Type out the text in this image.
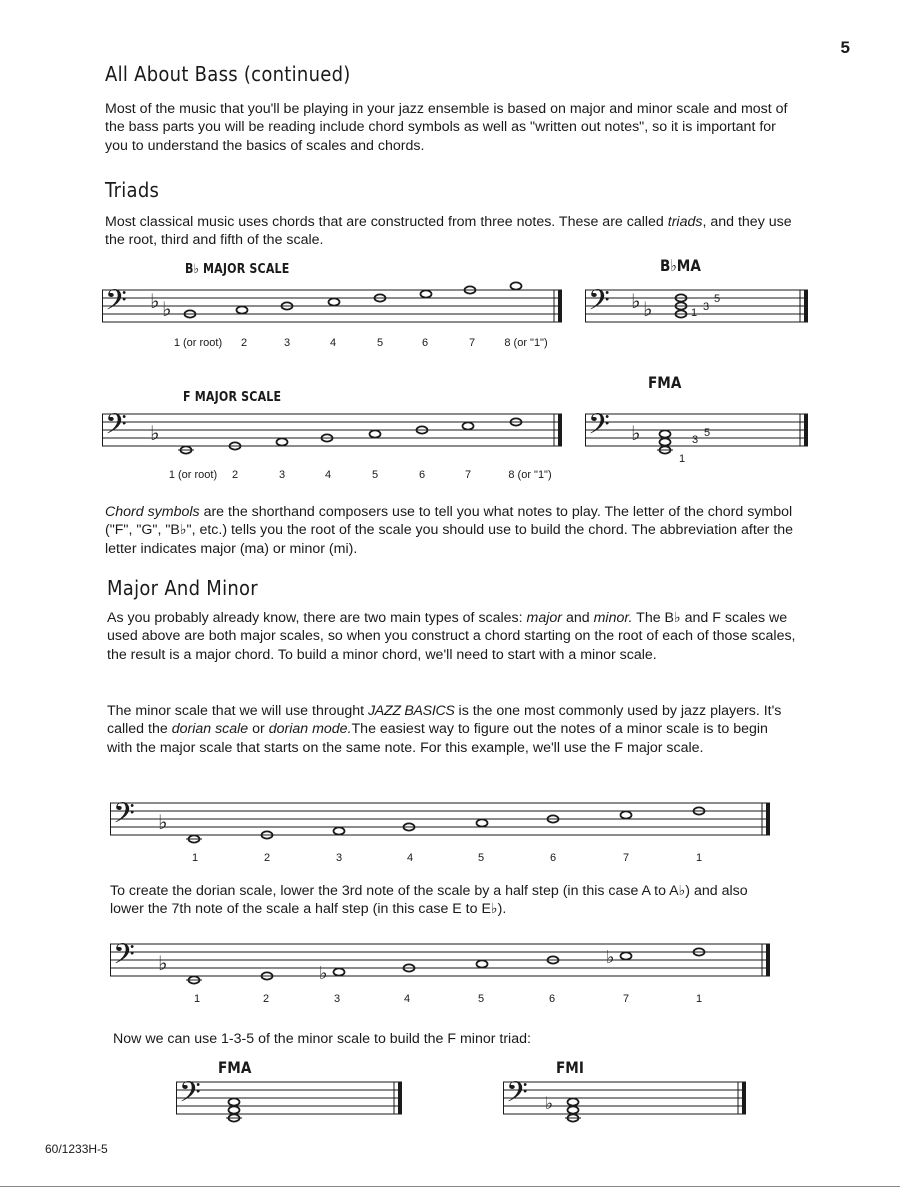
5
All About Bass (continued)
Most of the music that you'll be playing in your jazz ensemble is based on major and minor scale and most of the bass parts you will be reading include chord symbols as well as "written out notes", so it is important for you to understand the basics of scales and chords.
Triads
Most classical music uses chords that are constructed from three notes. These are called triads, and they use the root, third and fifth of the scale.
B♭ MAJOR SCALE	B♭MA
𝄢 ♭ ♭
1 (or root)	2	3	4	5	6	7	8 (or "1")
𝄢 ♭ ♭	1 3
5
F MAJOR SCALE
FMA
𝄢 ♭
1 (or root)	2	3	4	5	6	7	8 (or "1")
𝄢 ♭
1
3
5
Chord symbols are the shorthand composers use to tell you what notes to play. The letter of the chord symbol ("F", "G", "B♭", etc.) tells you the root of the scale you should use to build the chord. The abbreviation after the letter indicates major (ma) or minor (mi).
Major And Minor
As you probably already know, there are two main types of scales: major and minor. The B♭ and F scales we used above are both major scales, so when you construct a chord starting on the root of each of those scales, the result is a major chord. To build a minor chord, we'll need to start with a minor scale.
The minor scale that we will use throught JAZZ BASICS is the one most commonly used by jazz players. It's called the dorian scale or dorian mode.The easiest way to figure out the notes of a minor scale is to begin with the major scale that starts on the same note. For this example, we'll use the F major scale.
𝄢 ♭
1	2	3	4	5	6	7	1
To create the dorian scale, lower the 3rd note of the scale by a half step (in this case A to A♭) and also lower the 7th note of the scale a half step (in this case E to E♭).
𝄢 ♭	♭
♭
1	2	3	4	5	6	7	1
Now we can use 1-3-5 of the minor scale to build the F minor triad:
FMA	FMI
𝄢	𝄢 ♭
60/1233H-5
